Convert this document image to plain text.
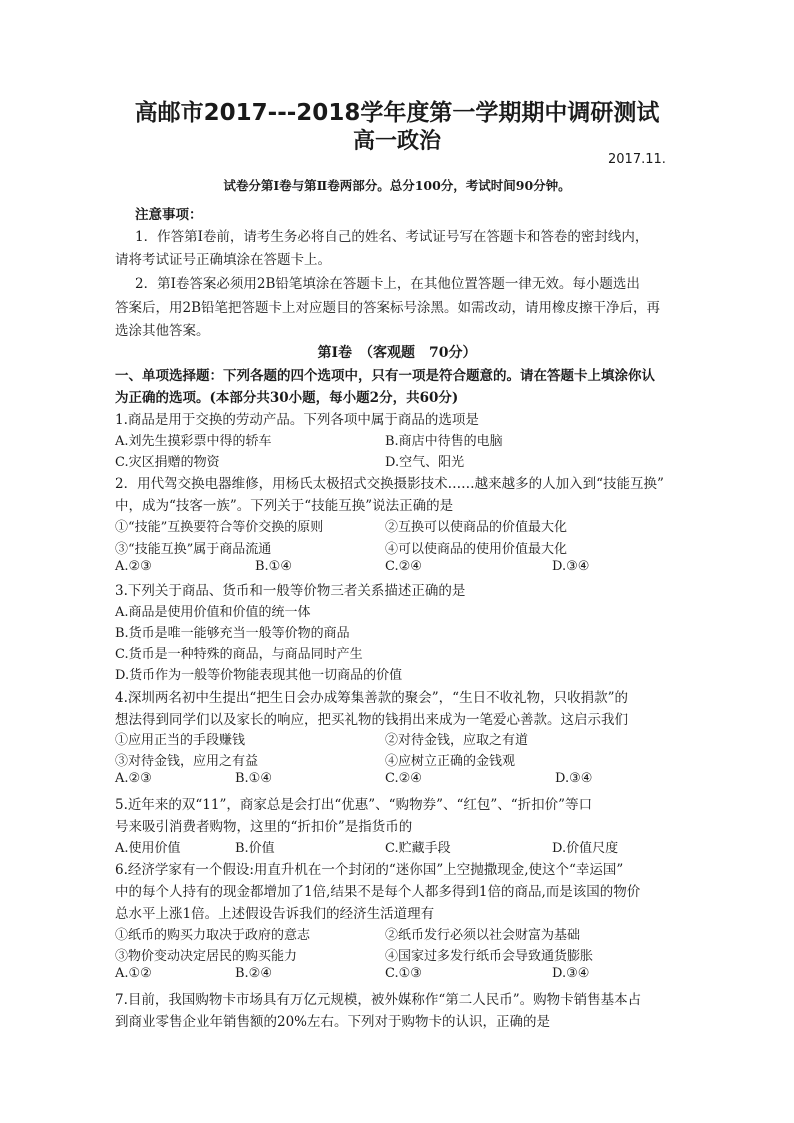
高邮市2017---2018学年度第一学期期中调研测试
高一政治
2017.11.
试卷分第Ⅰ卷与第Ⅱ卷两部分。总分100分，考试时间90分钟。
注意事项：
1．作答第Ⅰ卷前，请考生务必将自己的姓名、考试证号写在答题卡和答卷的密封线内，
请将考试证号正确填涂在答题卡上。
2．第Ⅰ卷答案必须用2B铅笔填涂在答题卡上，在其他位置答题一律无效。每小题选出
答案后，用2B铅笔把答题卡上对应题目的答案标号涂黑。如需改动，请用橡皮擦干净后，再
选涂其他答案。
第Ⅰ卷　（客观题　70分）
一、单项选择题：下列各题的四个选项中，只有一项是符合题意的。请在答题卡上填涂你认
为正确的选项。(本部分共30小题，每小题2分，共60分)
1.商品是用于交换的劳动产品。下列各项中属于商品的选项是
A.刘先生摸彩票中得的轿车	B.商店中待售的电脑
C.灾区捐赠的物资	D.空气、阳光
2．用代驾交换电器维修，用杨氏太极招式交换摄影技术……越来越多的人加入到“技能互换”
中，成为“技客一族”。下列关于“技能互换”说法正确的是
①“技能”互换要符合等价交换的原则	②互换可以使商品的价值最大化
③“技能互换”属于商品流通	④可以使商品的使用价值最大化
A.②③	B.①④	C.②④	D.③④
3.下列关于商品、货币和一般等价物三者关系描述正确的是
A.商品是使用价值和价值的统一体
B.货币是唯一能够充当一般等价物的商品
C.货币是一种特殊的商品，与商品同时产生
D.货币作为一般等价物能表现其他一切商品的价值
4.深圳两名初中生提出“把生日会办成筹集善款的聚会”，“生日不收礼物，只收捐款”的
想法得到同学们以及家长的响应，把买礼物的钱捐出来成为一笔爱心善款。这启示我们
①应用正当的手段赚钱	②对待金钱，应取之有道
③对待金钱，应用之有益	④应树立正确的金钱观
A.②③	B.①④	C.②④	D.③④
5.近年来的双“11”，商家总是会打出“优惠”、“购物券”、“红包”、“折扣价”等口
号来吸引消费者购物，这里的“折扣价”是指货币的
A.使用价值	B.价值	C.贮藏手段	D.价值尺度
6.经济学家有一个假设:用直升机在一个封闭的“迷你国”上空抛撒现金,使这个“幸运国”
中的每个人持有的现金都增加了1倍,结果不是每个人都多得到1倍的商品,而是该国的物价
总水平上涨1倍。上述假设告诉我们的经济生活道理有
①纸币的购买力取决于政府的意志	②纸币发行必须以社会财富为基础
③物价变动决定居民的购买能力	④国家过多发行纸币会导致通货膨胀
A.①②	B.②④	C.①③	D.③④
7.目前，我国购物卡市场具有万亿元规模，被外媒称作“第二人民币”。购物卡销售基本占
到商业零售企业年销售额的20%左右。下列对于购物卡的认识，正确的是
